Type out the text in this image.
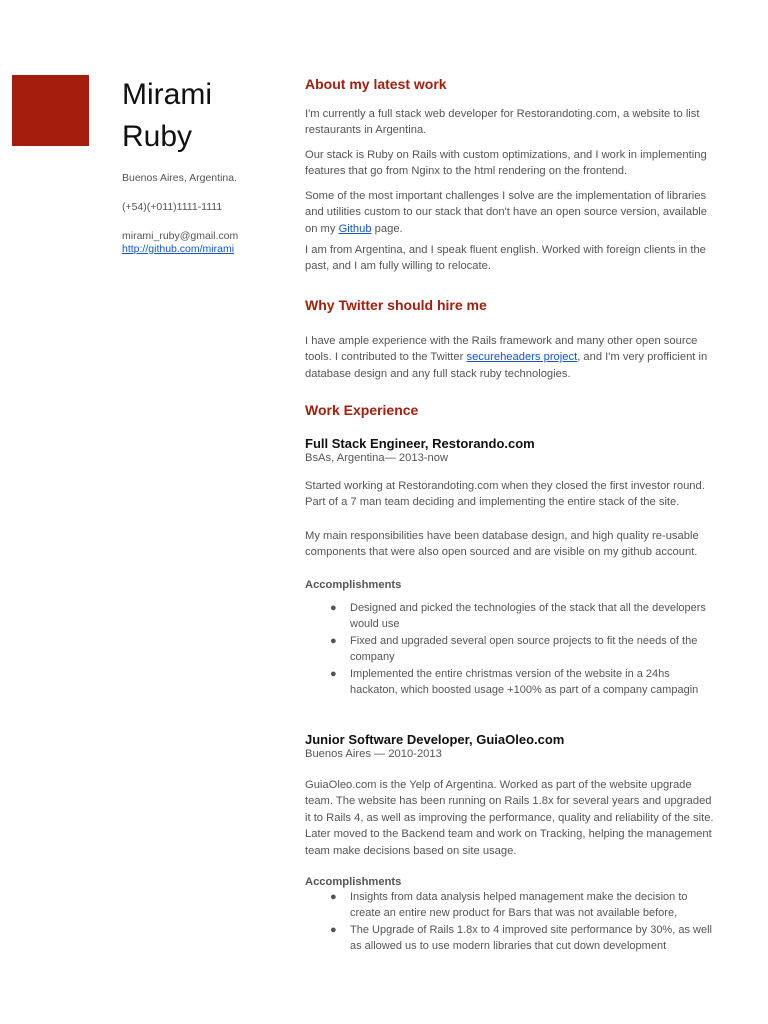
Mirami
Ruby

Buenos Aires, Argentina.

(+54)(+011)1111-1111

mirami_ruby@gmail.com

http://github.com/mirami
About my latest work

I'm currently a full stack web developer for Restorandoting.com, a website to list restaurants in Argentina.

Our stack is Ruby on Rails with custom optimizations, and I work in implementing features that go from Nginx to the html rendering on the frontend.

Some of the most important challenges I solve are the implementation of libraries and utilities custom to our stack that don't have an open source version, available on my Github page.

I am from Argentina, and I speak fluent english. Worked with foreign clients in the past, and I am fully willing to relocate.

Why Twitter should hire me

I have ample experience with the Rails framework and many other open source tools. I contributed to the Twitter secureheaders project, and I'm very profficient in database design and any full stack ruby technologies.

Work Experience

Full Stack Engineer, Restorando.com

BsAs, Argentina— 2013-now

Started working at Restorandoting.com when they closed the first investor round. Part of a 7 man team deciding and implementing the entire stack of the site.

My main responsibilities have been database design, and high quality re-usable components that were also open sourced and are visible on my github account.

Accomplishments

● Designed and picked the technologies of the stack that all the developers would use
● Fixed and upgraded several open source projects to fit the needs of the company
● Implemented the entire christmas version of the website in a 24hs hackaton, which boosted usage +100% as part of a company campagin

Junior Software Developer, GuiaOleo.com

Buenos Aires — 2010-2013

GuiaOleo.com is the Yelp of Argentina. Worked as part of the website upgrade team. The website has been running on Rails 1.8x for several years and upgraded it to Rails 4, as well as improving the performance, quality and reliability of the site. Later moved to the Backend team and work on Tracking, helping the management team make decisions based on site usage.

Accomplishments

● Insights from data analysis helped management make the decision to create an entire new product for Bars that was not available before,
● The Upgrade of Rails 1.8x to 4 improved site performance by 30%, as well as allowed us to use modern libraries that cut down development
